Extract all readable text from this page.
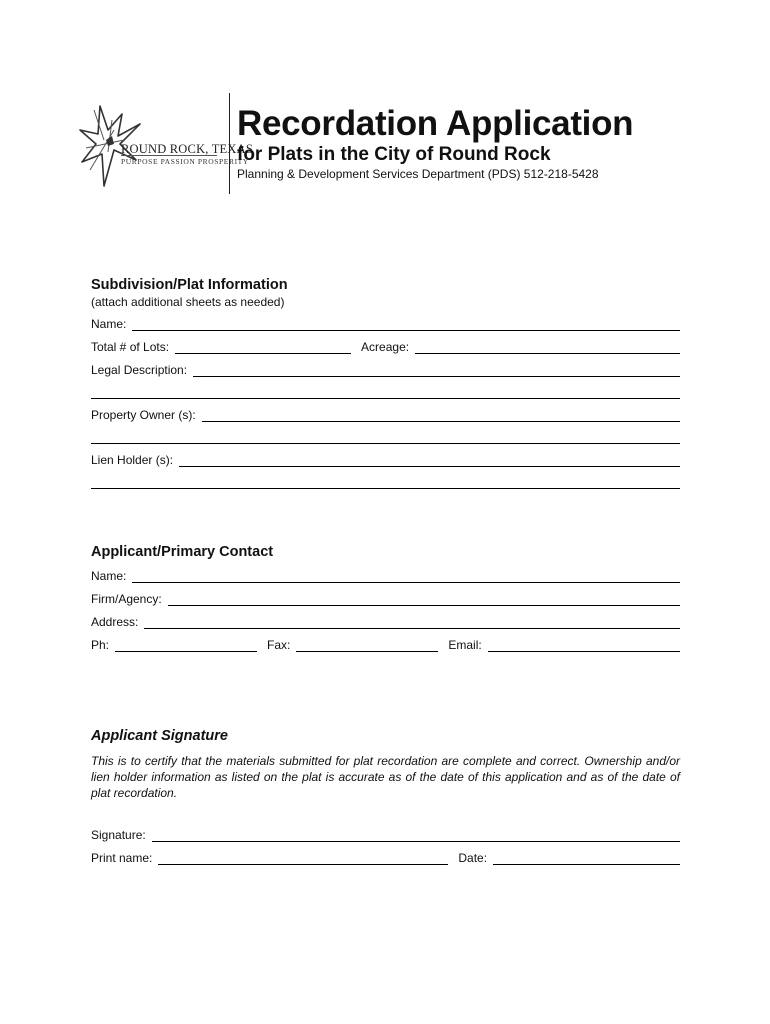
ROUND ROCK, TEXAS
PURPOSE PASSION PROSPERITY
Recordation Application
for Plats in the City of Round Rock
Planning & Development Services Department (PDS) 512-218-5428
Subdivision/Plat Information
(attach additional sheets as needed)
Name:
Total # of Lots:	Acreage:
Legal Description:
Property Owner (s):
Lien Holder (s):
Applicant/Primary Contact
Name:
Firm/Agency:
Address:
Ph:	Fax:	Email:
Applicant Signature
This is to certify that the materials submitted for plat recordation are complete and correct. Ownership and/or lien holder information as listed on the plat is accurate as of the date of this application and as of the date of plat recordation.
Signature:
Print name:	Date:
